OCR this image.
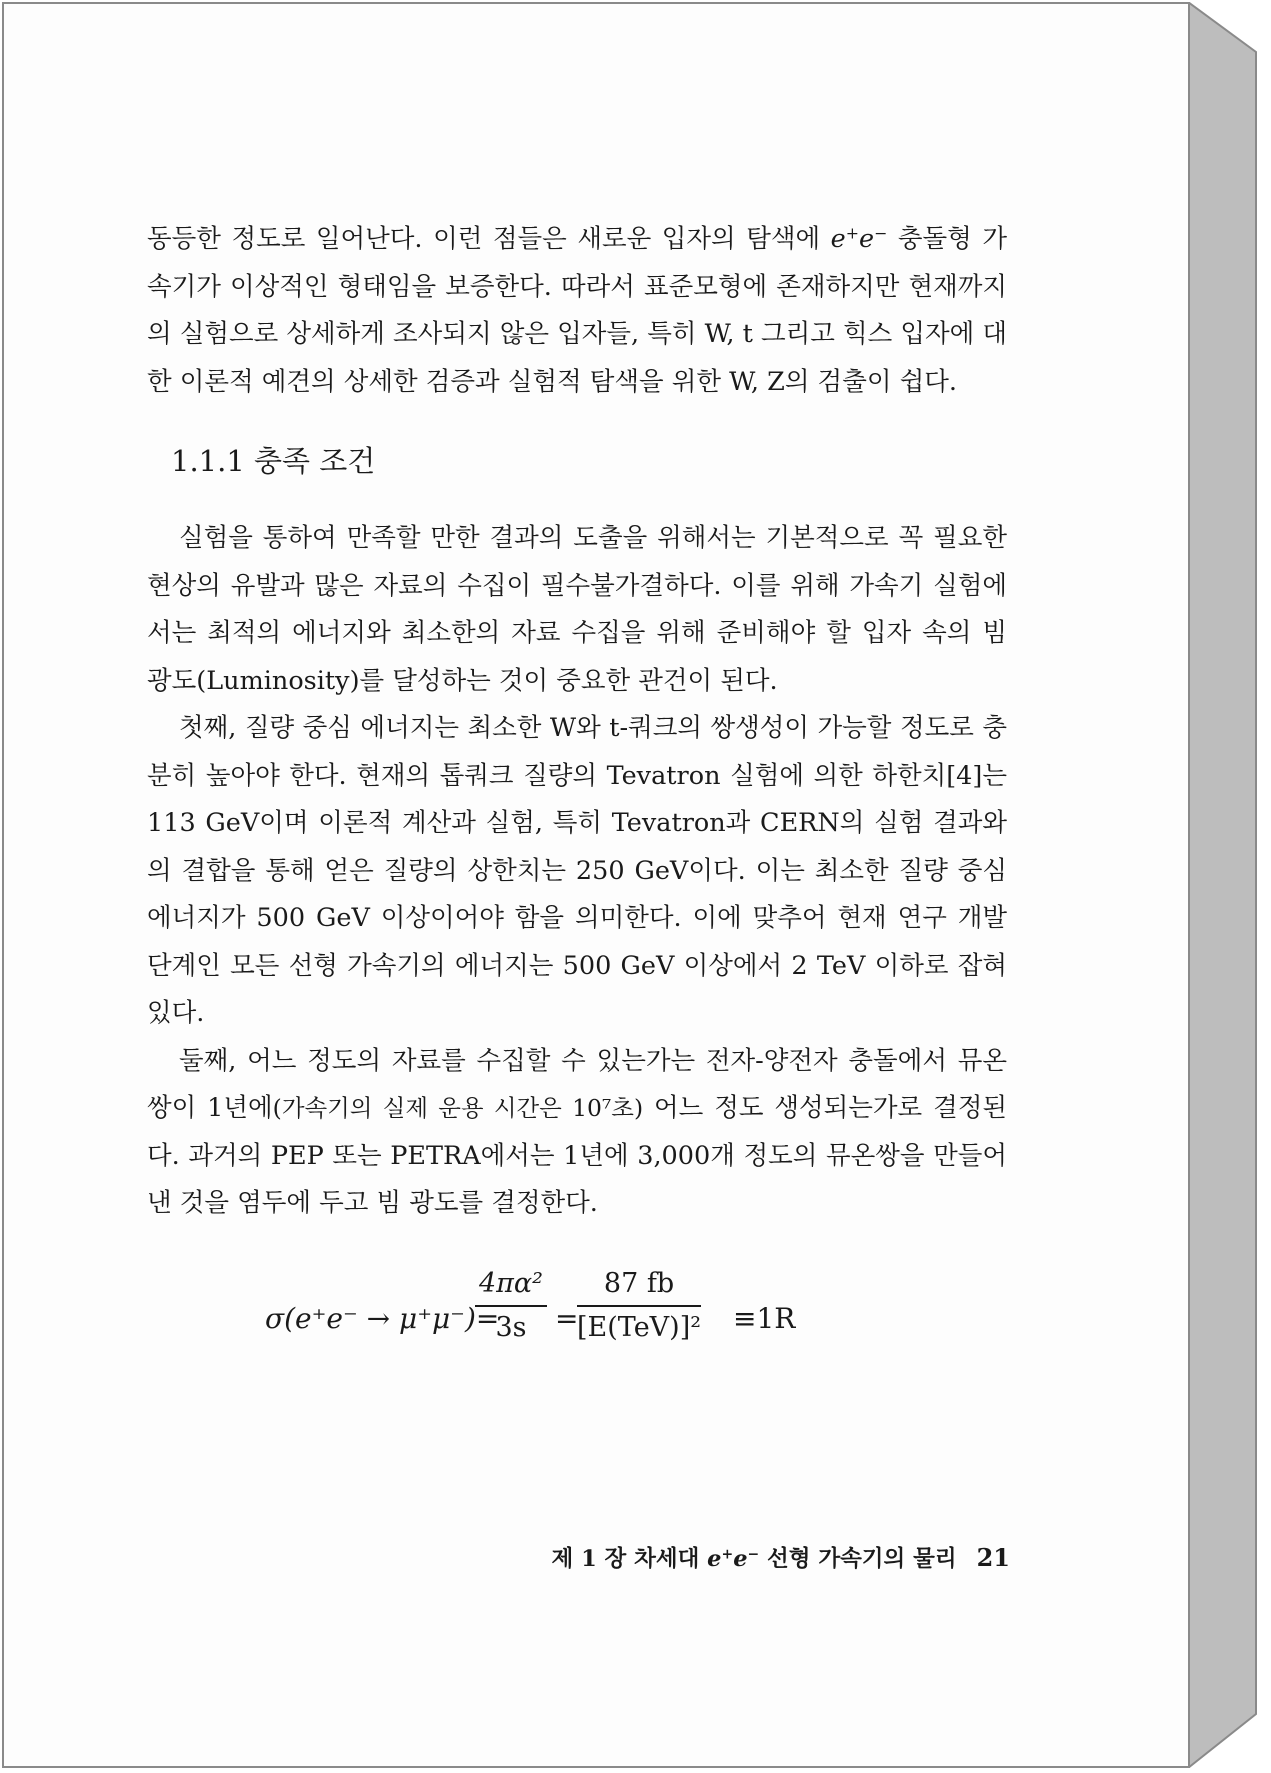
동등한 정도로 일어난다. 이런 점들은 새로운 입자의 탐색에 e+e− 충돌형 가속기가 이상적인 형태임을 보증한다. 따라서 표준모형에 존재하지만 현재까지의 실험으로 상세하게 조사되지 않은 입자들, 특히 W, t 그리고 힉스 입자에 대한 이론적 예견의 상세한 검증과 실험적 탐색을 위한 W, Z의 검출이 쉽다.

1.1.1 충족 조건

실험을 통하여 만족할 만한 결과의 도출을 위해서는 기본적으로 꼭 필요한 현상의 유발과 많은 자료의 수집이 필수불가결하다. 이를 위해 가속기 실험에서는 최적의 에너지와 최소한의 자료 수집을 위해 준비해야 할 입자 속의 빔 광도(Luminosity)를 달성하는 것이 중요한 관건이 된다.

첫째, 질량 중심 에너지는 최소한 W와 t-쿼크의 쌍생성이 가능할 정도로 충분히 높아야 한다. 현재의 톱쿼크 질량의 Tevatron 실험에 의한 하한치[4]는 113 GeV이며 이론적 계산과 실험, 특히 Tevatron과 CERN의 실험 결과와의 결합을 통해 얻은 질량의 상한치는 250 GeV이다. 이는 최소한 질량 중심 에너지가 500 GeV 이상이어야 함을 의미한다. 이에 맞추어 현재 연구 개발 단계인 모든 선형 가속기의 에너지는 500 GeV 이상에서 2 TeV 이하로 잡혀 있다.

둘째, 어느 정도의 자료를 수집할 수 있는가는 전자-양전자 충돌에서 뮤온쌍이 1년에(가속기의 실제 운용 시간은 10⁷초) 어느 정도 생성되는가로 결정된다. 과거의 PEP 또는 PETRA에서는 1년에 3,000개 정도의 뮤온쌍을 만들어낸 것을 염두에 두고 빔 광도를 결정한다.

σ(e⁺e⁻ → μ⁺μ⁻)=
$\frac{\text{4πα²}}{3s}$ =
87 fb
[E(TeV)]² ≡1R
제 1 장 차세대 e+e− 선형 가속기의 물리 21
